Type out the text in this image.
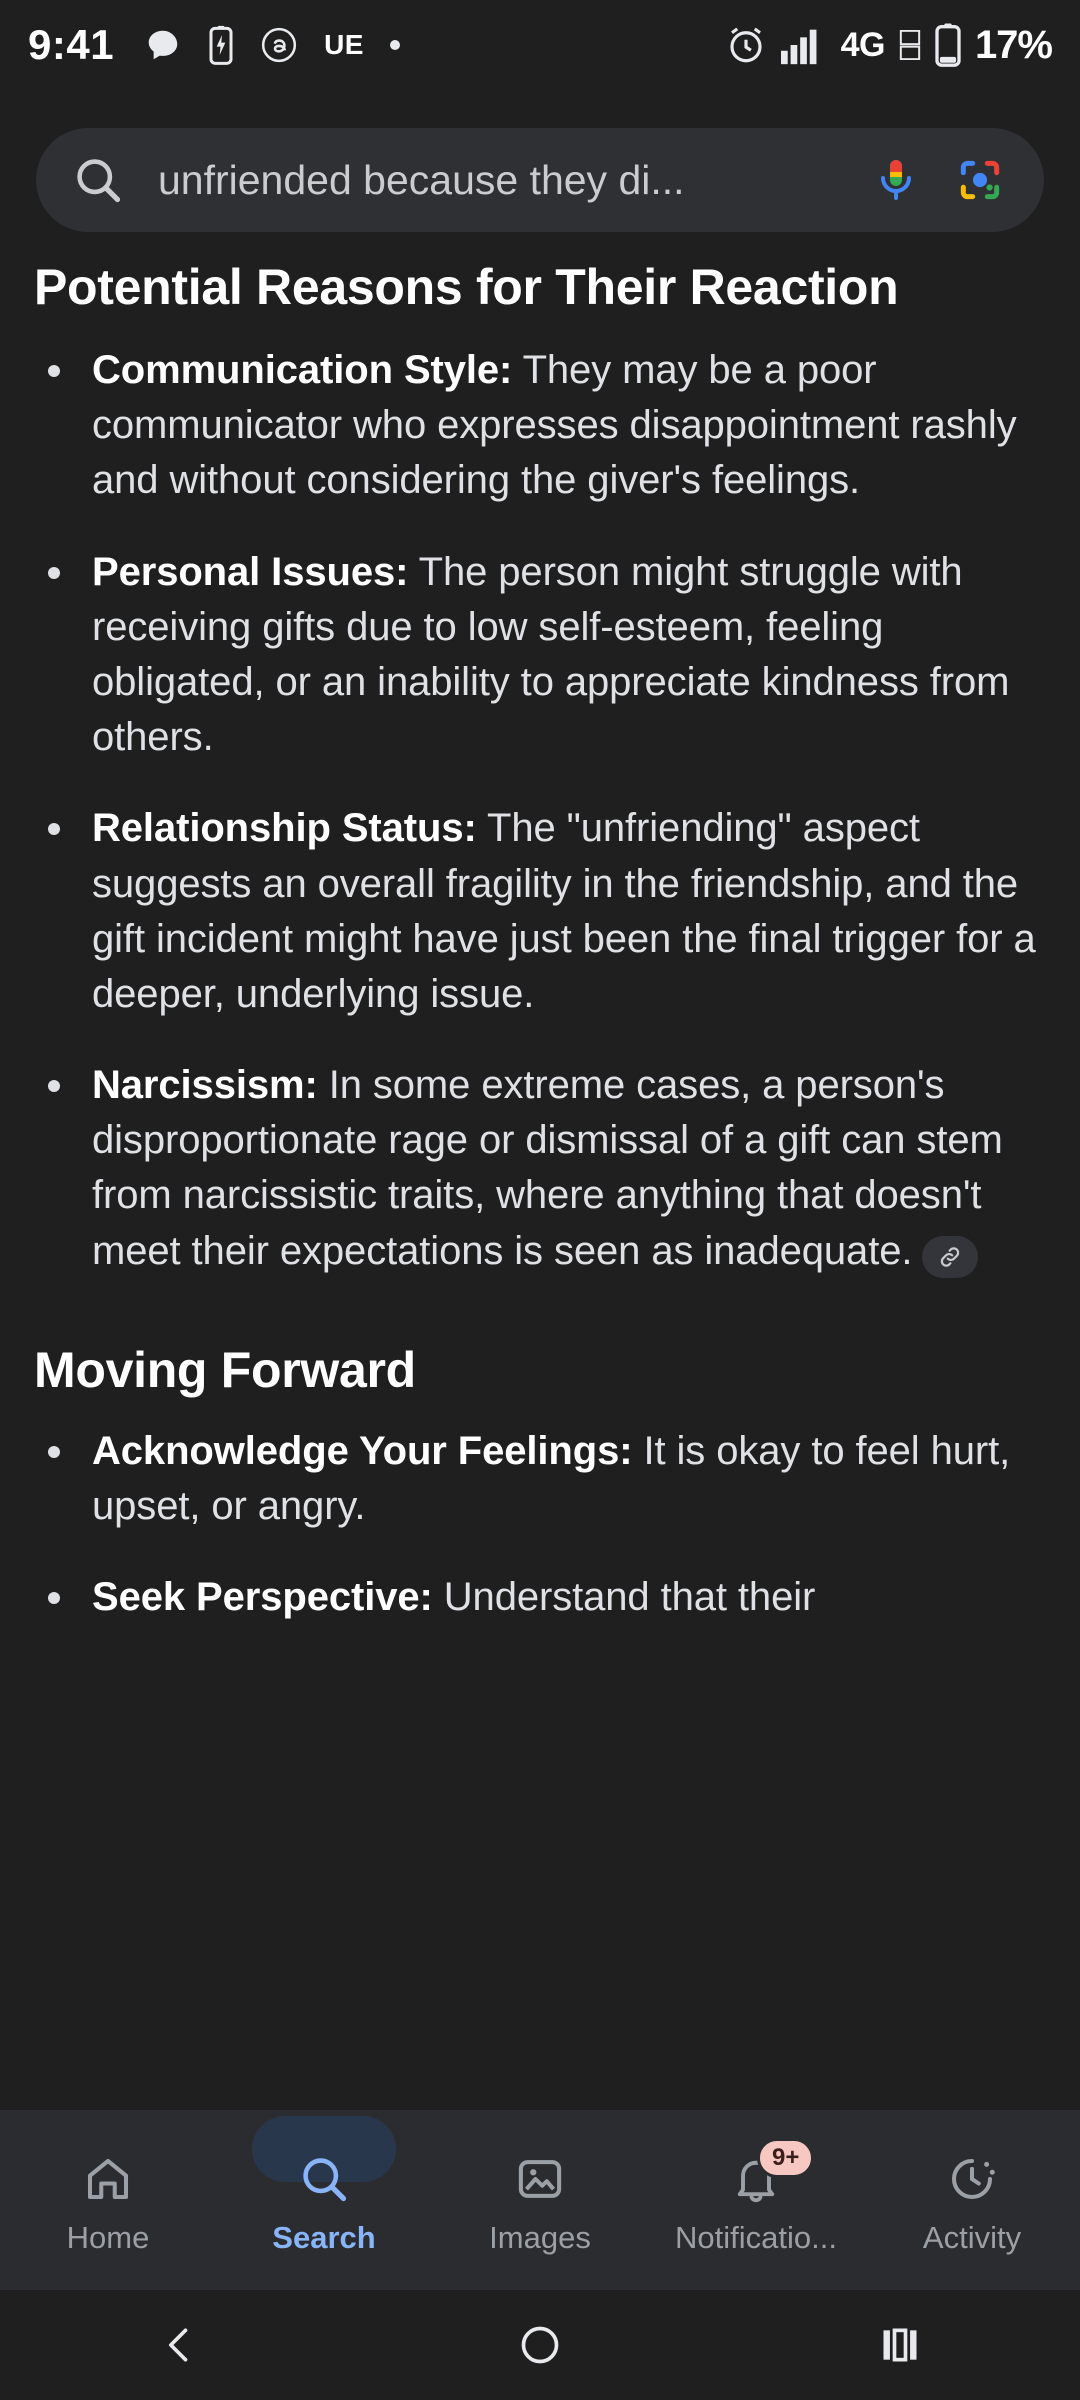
9:41	UE	4G 17%
unfriended because they di...
Potential Reasons for Their Reaction
Communication Style: They may be a poor communicator who expresses disappointment rashly and without considering the giver's feelings.
Personal Issues: The person might struggle with receiving gifts due to low self-esteem, feeling obligated, or an inability to appreciate kindness from others.
Relationship Status: The "unfriending" aspect suggests an overall fragility in the friendship, and the gift incident might have just been the final trigger for a deeper, underlying issue.
Narcissism: In some extreme cases, a person's disproportionate rage or dismissal of a gift can stem from narcissistic traits, where anything that doesn't meet their expectations is seen as inadequate.
Moving Forward
Acknowledge Your Feelings: It is okay to feel hurt, upset, or angry.
Seek Perspective: Understand that their
Home	Search	Images
9+
Notificatio...	Activity
